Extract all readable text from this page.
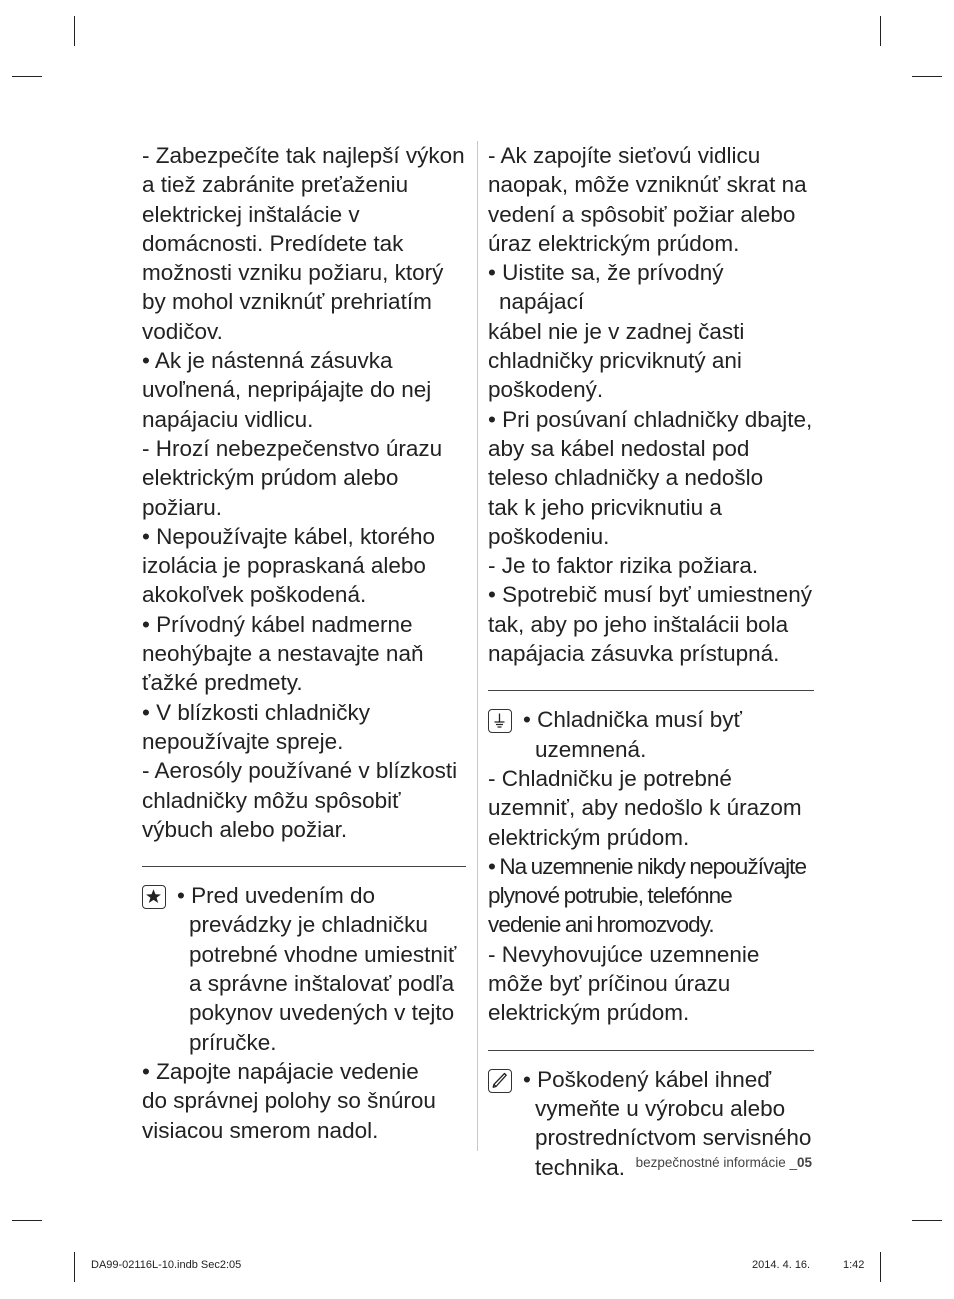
- Zabezpečíte tak najlepší výkon
a tiež zabránite preťaženiu
elektrickej inštalácie v
domácnosti. Predídete tak
možnosti vzniku požiaru, ktorý
by mohol vzniknúť prehriatím
vodičov.
• Ak je nástenná zásuvka
uvoľnená, nepripájajte do nej
napájaciu vidlicu.
- Hrozí nebezpečenstvo úrazu
elektrickým prúdom alebo
požiaru.
• Nepoužívajte kábel, ktorého
izolácia je popraskaná alebo
akokoľvek poškodená.
• Prívodný kábel nadmerne
neohýbajte a nestavajte naň
ťažké predmety.
• V blízkosti chladničky
nepoužívajte spreje.
- Aerosóly používané v blízkosti
chladničky môžu spôsobiť
výbuch alebo požiar.
• Pred uvedením do
prevádzky je chladničku
potrebné vhodne umiestniť
a správne inštalovať podľa
pokynov uvedených v tejto
príručke.
• Zapojte napájacie vedenie
do správnej polohy so šnúrou
visiacou smerom nadol.
- Ak zapojíte sieťovú vidlicu
naopak, môže vzniknúť skrat na
vedení a spôsobiť požiar alebo
úraz elektrickým prúdom.
• Uistite sa, že prívodný napájací
kábel nie je v zadnej časti
chladničky pricviknutý ani
poškodený.
• Pri posúvaní chladničky dbajte,
aby sa kábel nedostal pod
teleso chladničky a nedošlo
tak k jeho pricviknutiu a
poškodeniu.
- Je to faktor rizika požiara.
• Spotrebič musí byť umiestnený
tak, aby po jeho inštalácii bola
napájacia zásuvka prístupná.
• Chladnička musí byť
uzemnená.
- Chladničku je potrebné
uzemniť, aby nedošlo k úrazom
elektrickým prúdom.
• Na uzemnenie nikdy nepoužívajte
plynové potrubie, telefónne
vedenie ani hromozvody.
- Nevyhovujúce uzemnenie
môže byť príčinou úrazu
elektrickým prúdom.
• Poškodený kábel ihneď
vymeňte u výrobcu alebo
prostredníctvom servisného
technika. bezpečnostné informácie _05
DA99-02116L-10.indb Sec2:05	2014. 4. 16.	1:42
